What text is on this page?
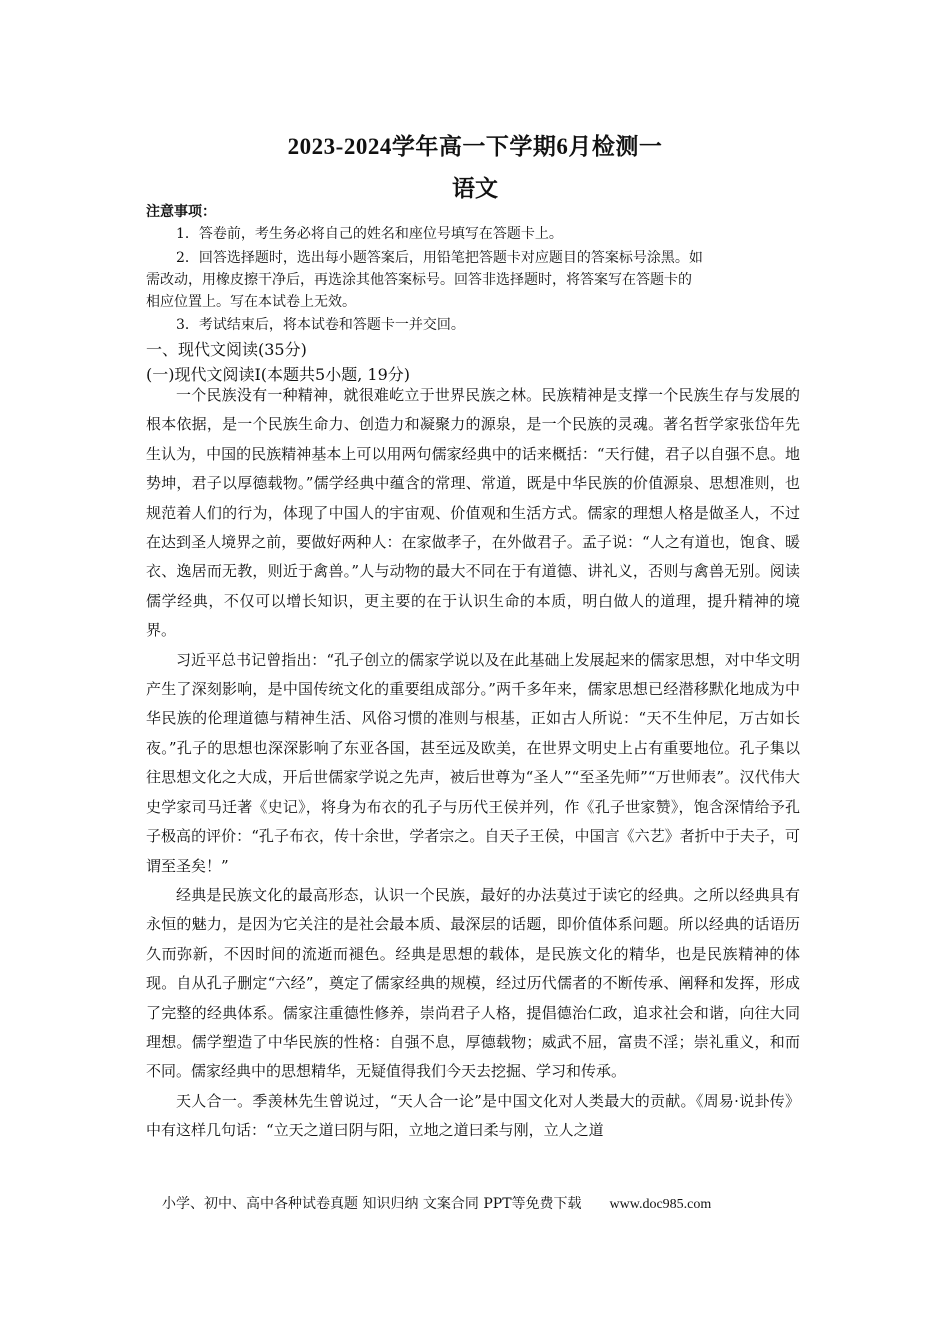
2023-2024学年高一下学期6月检测一
语文
注意事项：
1．答卷前，考生务必将自己的姓名和座位号填写在答题卡上。
2．回答选择题时，选出每小题答案后，用铅笔把答题卡对应题目的答案标号涂黑。如
需改动，用橡皮擦干净后，再选涂其他答案标号。回答非选择题时，将答案写在答题卡的
相应位置上。写在本试卷上无效。
3．考试结束后，将本试卷和答题卡一并交回。
一、现代文阅读(35分)
(一)现代文阅读Ⅰ(本题共5小题, 19分)

一个民族没有一种精神，就很难屹立于世界民族之林。民族精神是支撑一个民族生存与发展的根本依据，是一个民族生命力、创造力和凝聚力的源泉，是一个民族的灵魂。著名哲学家张岱年先生认为，中国的民族精神基本上可以用两句儒家经典中的话来概括：“天行健，君子以自强不息。地势坤，君子以厚德载物。”儒学经典中蕴含的常理、常道，既是中华民族的价值源泉、思想准则，也规范着人们的行为，体现了中国人的宇宙观、价值观和生活方式。儒家的理想人格是做圣人，不过在达到圣人境界之前，要做好两种人：在家做孝子，在外做君子。孟子说：“人之有道也，饱食、暖衣、逸居而无教，则近于禽兽。”人与动物的最大不同在于有道德、讲礼义，否则与禽兽无别。阅读儒学经典，不仅可以增长知识，更主要的在于认识生命的本质，明白做人的道理，提升精神的境界。

习近平总书记曾指出：“孔子创立的儒家学说以及在此基础上发展起来的儒家思想，对中华文明产生了深刻影响，是中国传统文化的重要组成部分。”两千多年来，儒家思想已经潜移默化地成为中华民族的伦理道德与精神生活、风俗习惯的准则与根基，正如古人所说：“天不生仲尼，万古如长夜。”孔子的思想也深深影响了东亚各国，甚至远及欧美，在世界文明史上占有重要地位。孔子集以往思想文化之大成，开后世儒家学说之先声，被后世尊为“圣人”“至圣先师”“万世师表”。汉代伟大史学家司马迁著《史记》，将身为布衣的孔子与历代王侯并列，作《孔子世家赞》，饱含深情给予孔子极高的评价：“孔子布衣，传十余世，学者宗之。自天子王侯，中国言《六艺》者折中于夫子，可谓至圣矣！”

经典是民族文化的最高形态，认识一个民族，最好的办法莫过于读它的经典。之所以经典具有永恒的魅力，是因为它关注的是社会最本质、最深层的话题，即价值体系问题。所以经典的话语历久而弥新，不因时间的流逝而褪色。经典是思想的载体，是民族文化的精华，也是民族精神的体现。自从孔子删定“六经”，奠定了儒家经典的规模，经过历代儒者的不断传承、阐释和发挥，形成了完整的经典体系。儒家注重德性修养，崇尚君子人格，提倡德治仁政，追求社会和谐，向往大同理想。儒学塑造了中华民族的性格：自强不息，厚德载物；威武不屈，富贵不淫；崇礼重义，和而不同。儒家经典中的思想精华，无疑值得我们今天去挖掘、学习和传承。

天人合一。季羡林先生曾说过，“天人合一论”是中国文化对人类最大的贡献。《周易·说卦传》中有这样几句话：“立天之道曰阴与阳，立地之道曰柔与刚，立人之道

小学、初中、高中各种试卷真题 知识归纳 文案合同 PPT等免费下载 www.doc985.com
